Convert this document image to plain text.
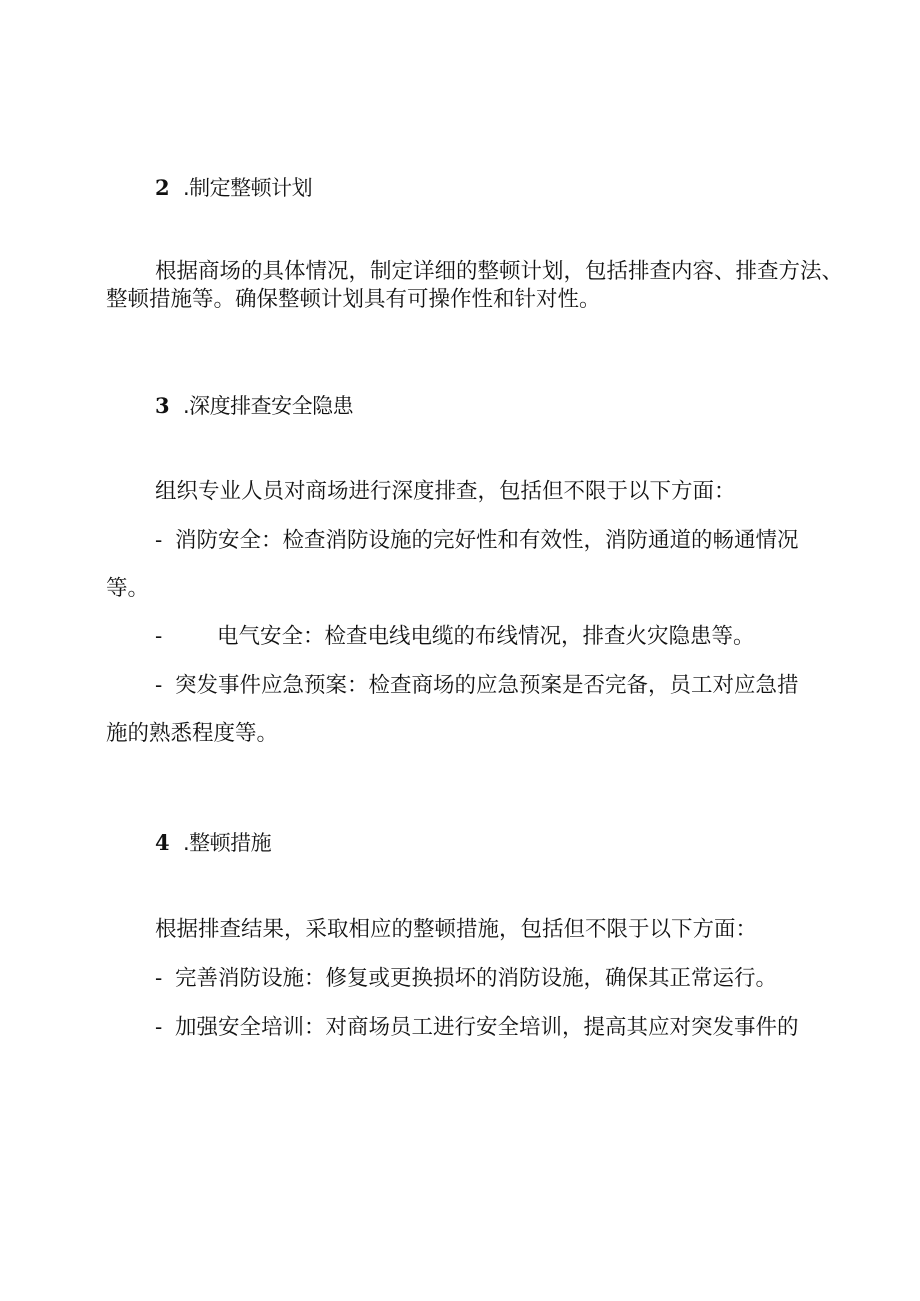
2 .制定整顿计划

根据商场的具体情况，制定详细的整顿计划，包括排查内容、排查方法、

整顿措施等。确保整顿计划具有可操作性和针对性。

3 .深度排查安全隐患

组织专业人员对商场进行深度排查，包括但不限于以下方面：

- 消防安全：检查消防设施的完好性和有效性，消防通道的畅通情况

等。

-	电气安全：检查电线电缆的布线情况，排查火灾隐患等。

- 突发事件应急预案：检查商场的应急预案是否完备，员工对应急措

施的熟悉程度等。

4 .整顿措施

根据排查结果，采取相应的整顿措施，包括但不限于以下方面：

- 完善消防设施：修复或更换损坏的消防设施，确保其正常运行。

- 加强安全培训：对商场员工进行安全培训，提高其应对突发事件的
